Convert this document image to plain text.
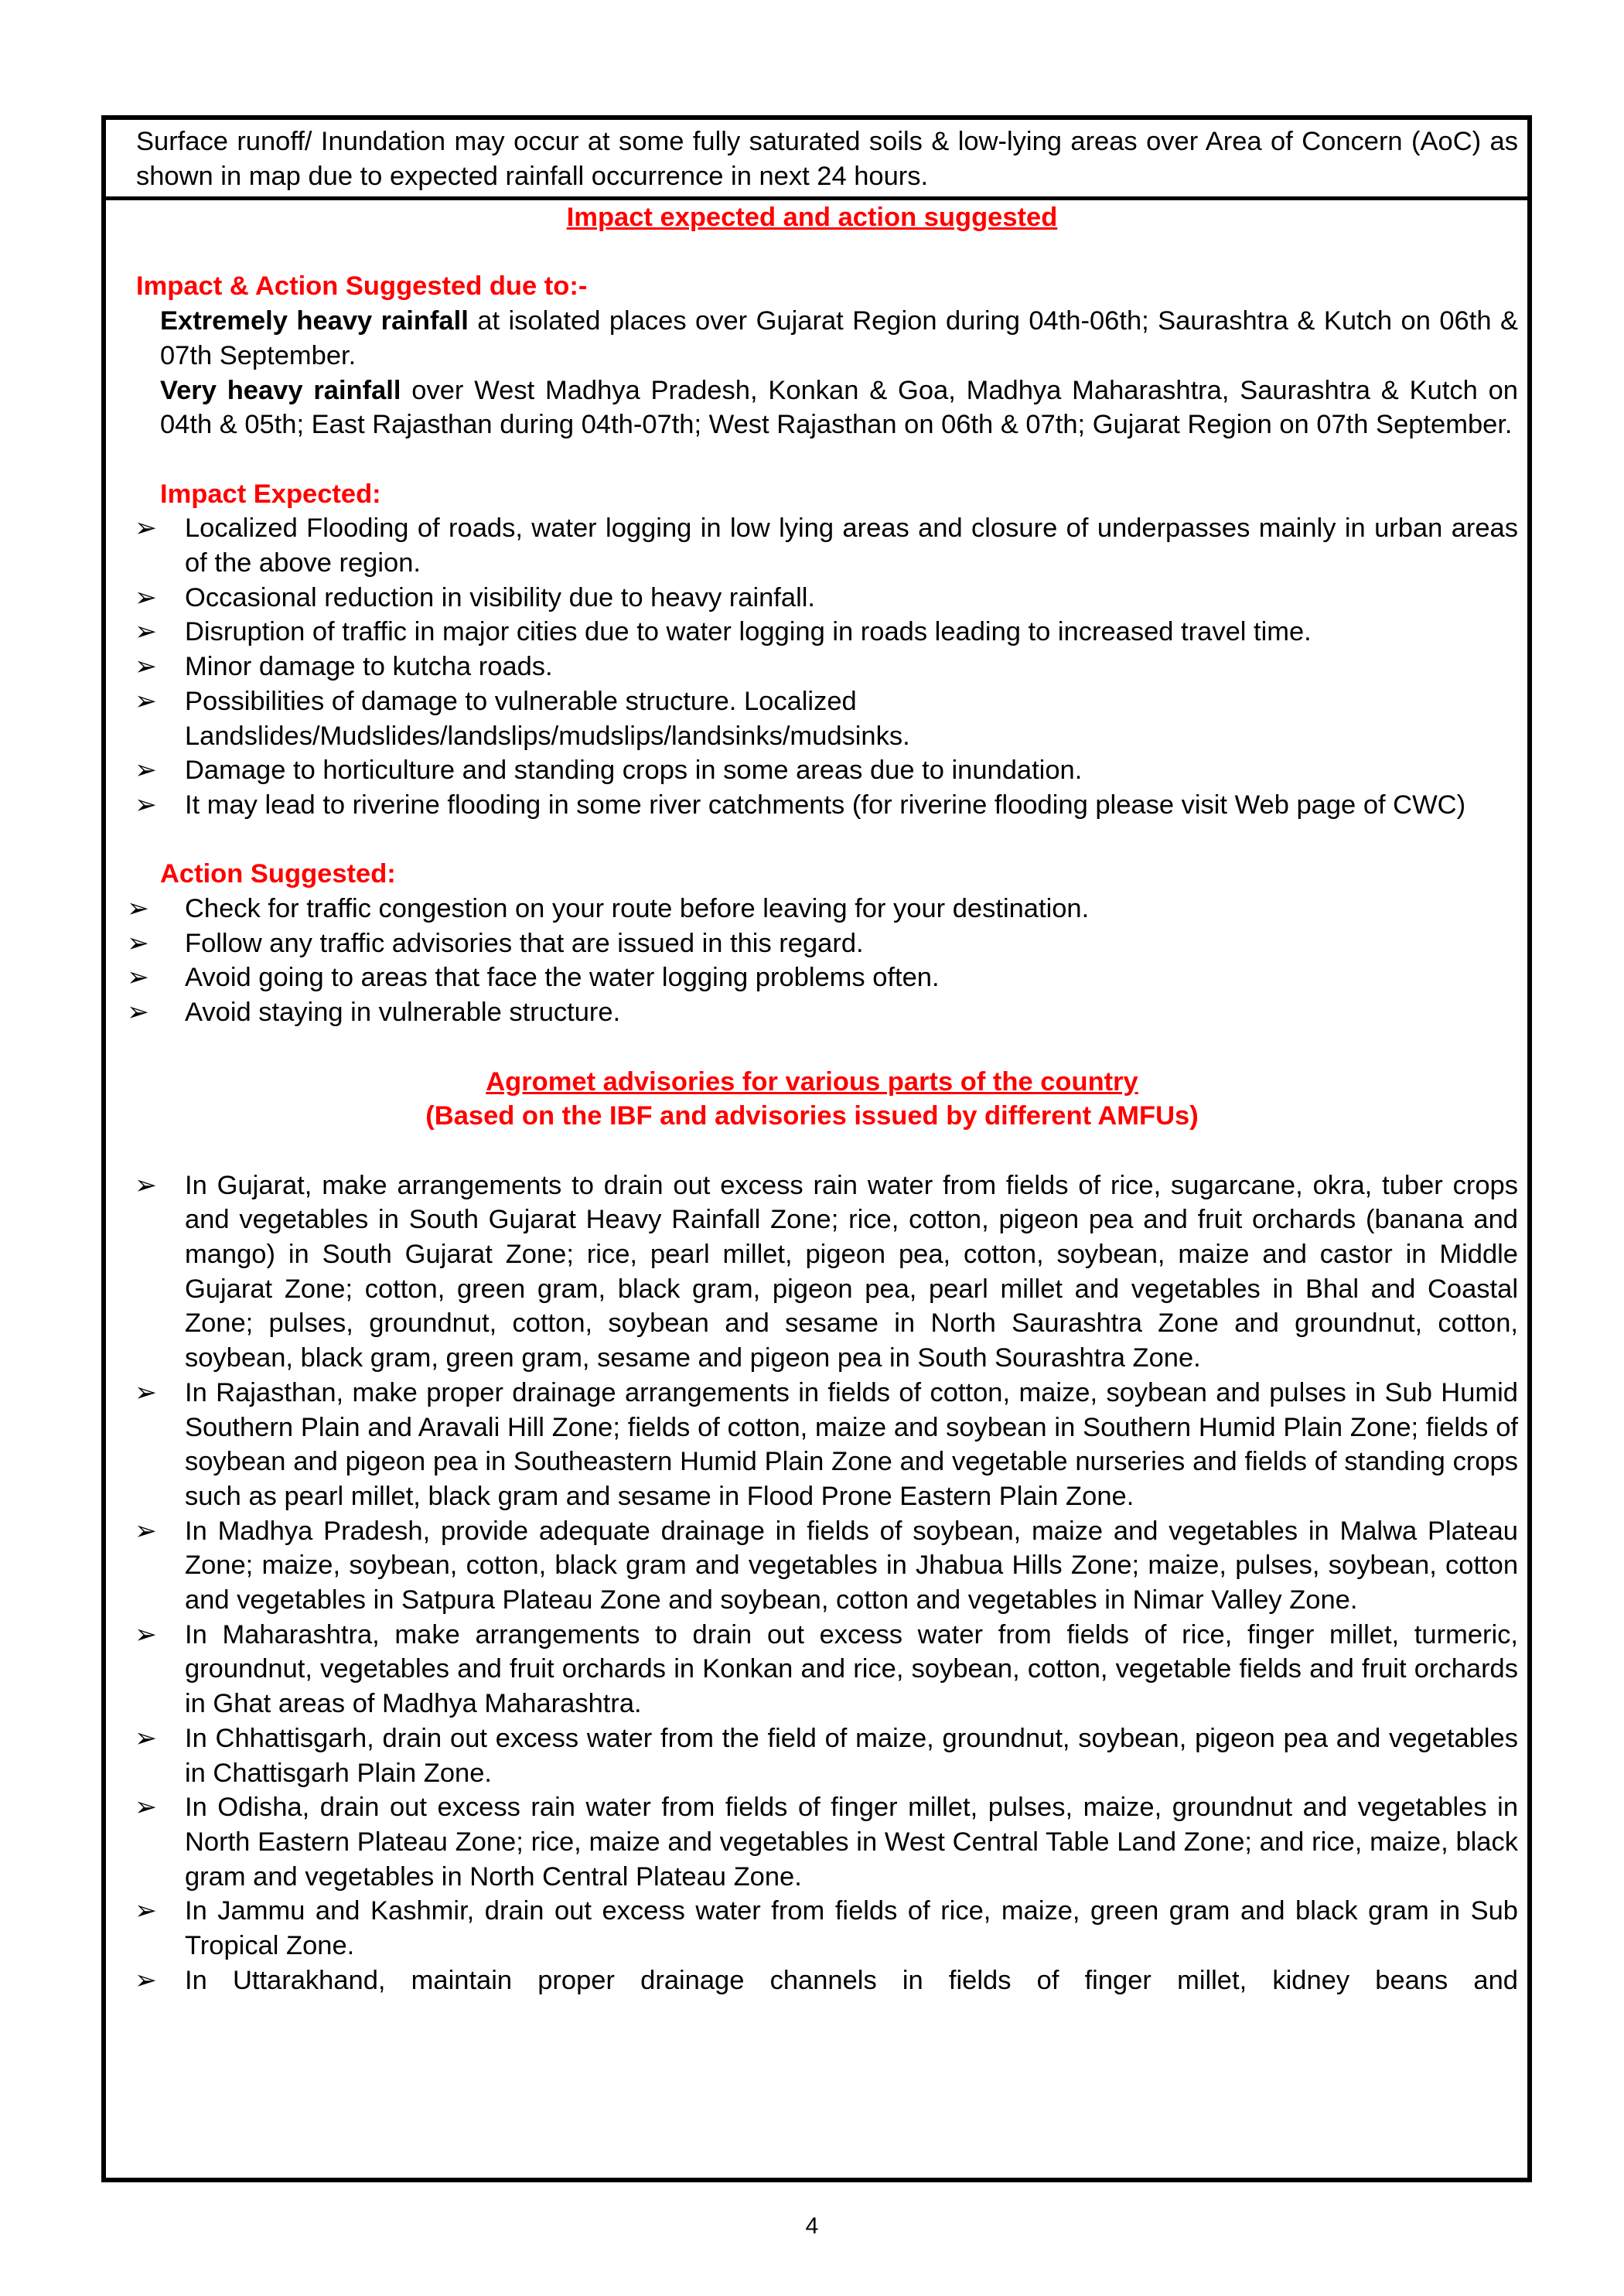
Surface runoff/ Inundation may occur at some fully saturated soils & low-lying areas over Area of Concern (AoC) as shown in map due to expected rainfall occurrence in next 24 hours.
Impact expected and action suggested
Impact & Action Suggested due to:-
Extremely heavy rainfall at isolated places over Gujarat Region during 04th-06th; Saurashtra & Kutch on 06th & 07th September.
Very heavy rainfall over West Madhya Pradesh, Konkan & Goa, Madhya Maharashtra, Saurashtra & Kutch on 04th & 05th; East Rajasthan during 04th-07th; West Rajasthan on 06th & 07th; Gujarat Region on 07th September.
Impact Expected:
➢ Localized Flooding of roads, water logging in low lying areas and closure of underpasses mainly in urban areas of the above region.
➢ Occasional reduction in visibility due to heavy rainfall.
➢ Disruption of traffic in major cities due to water logging in roads leading to increased travel time.
➢ Minor damage to kutcha roads.
➢ Possibilities of damage to vulnerable structure. Localized Landslides/Mudslides/landslips/mudslips/landsinks/mudsinks.
➢ Damage to horticulture and standing crops in some areas due to inundation.
➢ It may lead to riverine flooding in some river catchments (for riverine flooding please visit Web page of CWC)
Action Suggested:
➢ Check for traffic congestion on your route before leaving for your destination.
➢ Follow any traffic advisories that are issued in this regard.
➢ Avoid going to areas that face the water logging problems often.
➢ Avoid staying in vulnerable structure.
Agromet advisories for various parts of the country
(Based on the IBF and advisories issued by different AMFUs)
➢ In Gujarat, make arrangements to drain out excess rain water from fields of rice, sugarcane, okra, tuber crops and vegetables in South Gujarat Heavy Rainfall Zone; rice, cotton, pigeon pea and fruit orchards (banana and mango) in South Gujarat Zone; rice, pearl millet, pigeon pea, cotton, soybean, maize and castor in Middle Gujarat Zone; cotton, green gram, black gram, pigeon pea, pearl millet and vegetables in Bhal and Coastal Zone; pulses, groundnut, cotton, soybean and sesame in North Saurashtra Zone and groundnut, cotton, soybean, black gram, green gram, sesame and pigeon pea in South Sourashtra Zone.
➢ In Rajasthan, make proper drainage arrangements in fields of cotton, maize, soybean and pulses in Sub Humid Southern Plain and Aravali Hill Zone; fields of cotton, maize and soybean in Southern Humid Plain Zone; fields of soybean and pigeon pea in Southeastern Humid Plain Zone and vegetable nurseries and fields of standing crops such as pearl millet, black gram and sesame in Flood Prone Eastern Plain Zone.
➢ In Madhya Pradesh, provide adequate drainage in fields of soybean, maize and vegetables in Malwa Plateau Zone; maize, soybean, cotton, black gram and vegetables in Jhabua Hills Zone; maize, pulses, soybean, cotton and vegetables in Satpura Plateau Zone and soybean, cotton and vegetables in Nimar Valley Zone.
➢ In Maharashtra, make arrangements to drain out excess water from fields of rice, finger millet, turmeric, groundnut, vegetables and fruit orchards in Konkan and rice, soybean, cotton, vegetable fields and fruit orchards in Ghat areas of Madhya Maharashtra.
➢ In Chhattisgarh, drain out excess water from the field of maize, groundnut, soybean, pigeon pea and vegetables in Chattisgarh Plain Zone.
➢ In Odisha, drain out excess rain water from fields of finger millet, pulses, maize, groundnut and vegetables in North Eastern Plateau Zone; rice, maize and vegetables in West Central Table Land Zone; and rice, maize, black gram and vegetables in North Central Plateau Zone.
➢ In Jammu and Kashmir, drain out excess water from fields of rice, maize, green gram and black gram in Sub Tropical Zone.
➢ In Uttarakhand, maintain proper drainage channels in fields of finger millet, kidney beans and
4
